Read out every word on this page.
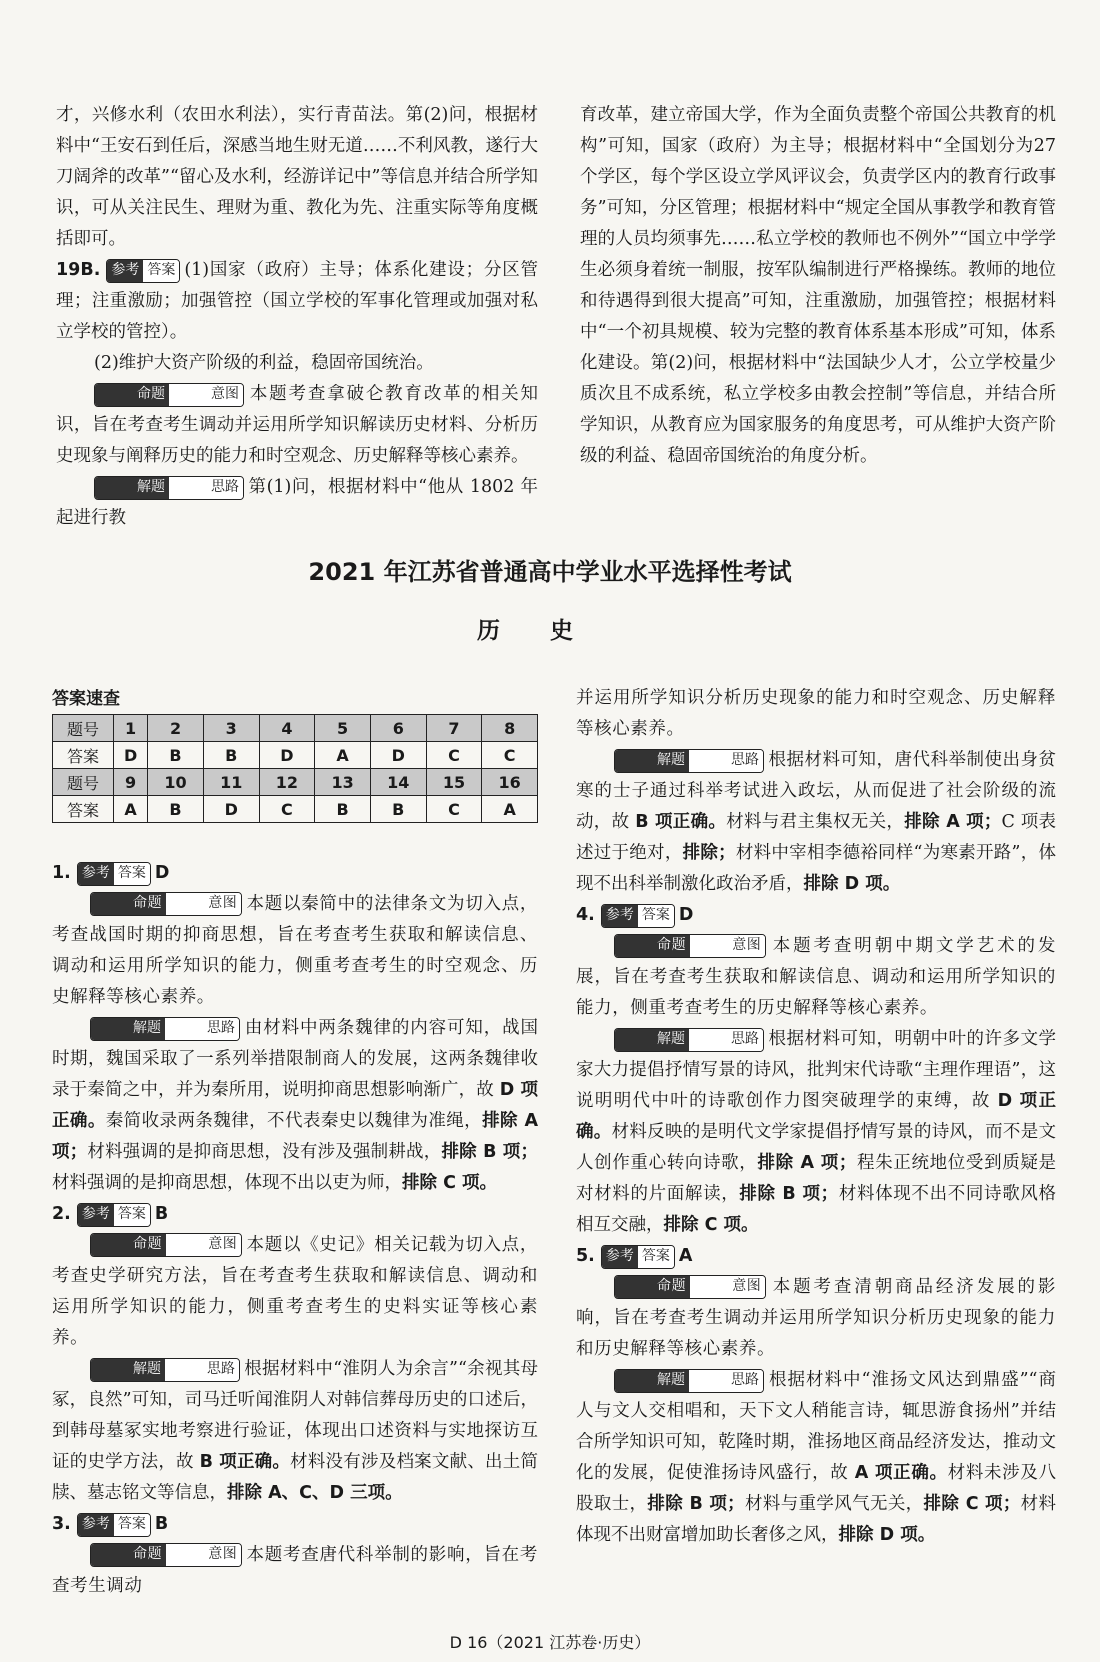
才，兴修水利（农田水利法），实行青苗法。第(2)问，根据材料中“王安石到任后，深感当地生财无道……不利风教，遂行大刀阔斧的改革”“留心及水利，经游详记中”等信息并结合所学知识，可从关注民生、理财为重、教化为先、注重实际等角度概括即可。

19B. 参考 答案 (1)国家（政府）主导；体系化建设；分区管理；注重激励；加强管控（国立学校的军事化管理或加强对私立学校的管控）。

(2)维护大资产阶级的利益，稳固帝国统治。

命题	意图 本题考查拿破仑教育改革的相关知识，旨在考查考生调动并运用所学知识解读历史材料、分析历史现象与阐释历史的能力和时空观念、历史解释等核心素养。

解题	思路 第(1)问，根据材料中“他从 1802 年起进行教

育改革，建立帝国大学，作为全面负责整个帝国公共教育的机构”可知，国家（政府）为主导；根据材料中“全国划分为27个学区，每个学区设立学风评议会，负责学区内的教育行政事务”可知，分区管理；根据材料中“规定全国从事教学和教育管理的人员均须事先……私立学校的教师也不例外”“国立中学学生必须身着统一制服，按军队编制进行严格操练。教师的地位和待遇得到很大提高”可知，注重激励，加强管控；根据材料中“一个初具规模、较为完整的教育体系基本形成”可知，体系化建设。第(2)问，根据材料中“法国缺少人才，公立学校量少质次且不成系统，私立学校多由教会控制”等信息，并结合所学知识，从教育应为国家服务的角度思考，可从维护大资产阶级的利益、稳固帝国统治的角度分析。

2021 年江苏省普通高中学业水平选择性考试
历史
答案速查
题号	1	2	3	4	5	6	7	8
答案	D	B	B	D	A	D	C	C
题号	9	10	11	12	13	14	15	16
答案	A	B	D	C	B	B	C	A

1. 参考 答案 D

命题	意图 本题以秦简中的法律条文为切入点，考查战国时期的抑商思想，旨在考查考生获取和解读信息、调动和运用所学知识的能力，侧重考查考生的时空观念、历史解释等核心素养。

解题	思路 由材料中两条魏律的内容可知，战国时期，魏国采取了一系列举措限制商人的发展，这两条魏律收录于秦简之中，并为秦所用，说明抑商思想影响渐广，故 D 项正确。秦简收录两条魏律，不代表秦史以魏律为准绳，排除 A 项；材料强调的是抑商思想，没有涉及强制耕战，排除 B 项；材料强调的是抑商思想，体现不出以吏为师，排除 C 项。

2. 参考 答案 B

命题	意图 本题以《史记》相关记载为切入点，考查史学研究方法，旨在考查考生获取和解读信息、调动和运用所学知识的能力，侧重考查考生的史料实证等核心素养。

解题	思路 根据材料中“淮阴人为余言”“余视其母冢，良然”可知，司马迁听闻淮阴人对韩信葬母历史的口述后，到韩母墓冢实地考察进行验证，体现出口述资料与实地探访互证的史学方法，故 B 项正确。材料没有涉及档案文献、出土简牍、墓志铭文等信息，排除 A、C、D 三项。

3. 参考 答案 B

命题	意图 本题考查唐代科举制的影响，旨在考查考生调动

并运用所学知识分析历史现象的能力和时空观念、历史解释等核心素养。

解题	思路 根据材料可知，唐代科举制使出身贫寒的士子通过科举考试进入政坛，从而促进了社会阶级的流动，故 B 项正确。材料与君主集权无关，排除 A 项；C 项表述过于绝对，排除；材料中宰相李德裕同样“为寒素开路”，体现不出科举制激化政治矛盾，排除 D 项。

4. 参考 答案 D

命题	意图 本题考查明朝中期文学艺术的发展，旨在考查考生获取和解读信息、调动和运用所学知识的能力，侧重考查考生的历史解释等核心素养。

解题	思路 根据材料可知，明朝中叶的许多文学家大力提倡抒情写景的诗风，批判宋代诗歌“主理作理语”，这说明明代中叶的诗歌创作力图突破理学的束缚，故 D 项正确。材料反映的是明代文学家提倡抒情写景的诗风，而不是文人创作重心转向诗歌，排除 A 项；程朱正统地位受到质疑是对材料的片面解读，排除 B 项；材料体现不出不同诗歌风格相互交融，排除 C 项。

5. 参考 答案 A

命题	意图 本题考查清朝商品经济发展的影响，旨在考查考生调动并运用所学知识分析历史现象的能力和历史解释等核心素养。

解题	思路 根据材料中“淮扬文风达到鼎盛”“商人与文人交相唱和，天下文人稍能言诗，辄思游食扬州”并结合所学知识可知，乾隆时期，淮扬地区商品经济发达，推动文化的发展，促使淮扬诗风盛行，故 A 项正确。材料未涉及八股取士，排除 B 项；材料与重学风气无关，排除 C 项；材料体现不出财富增加助长奢侈之风，排除 D 项。

D 16（2021 江苏卷·历史）
